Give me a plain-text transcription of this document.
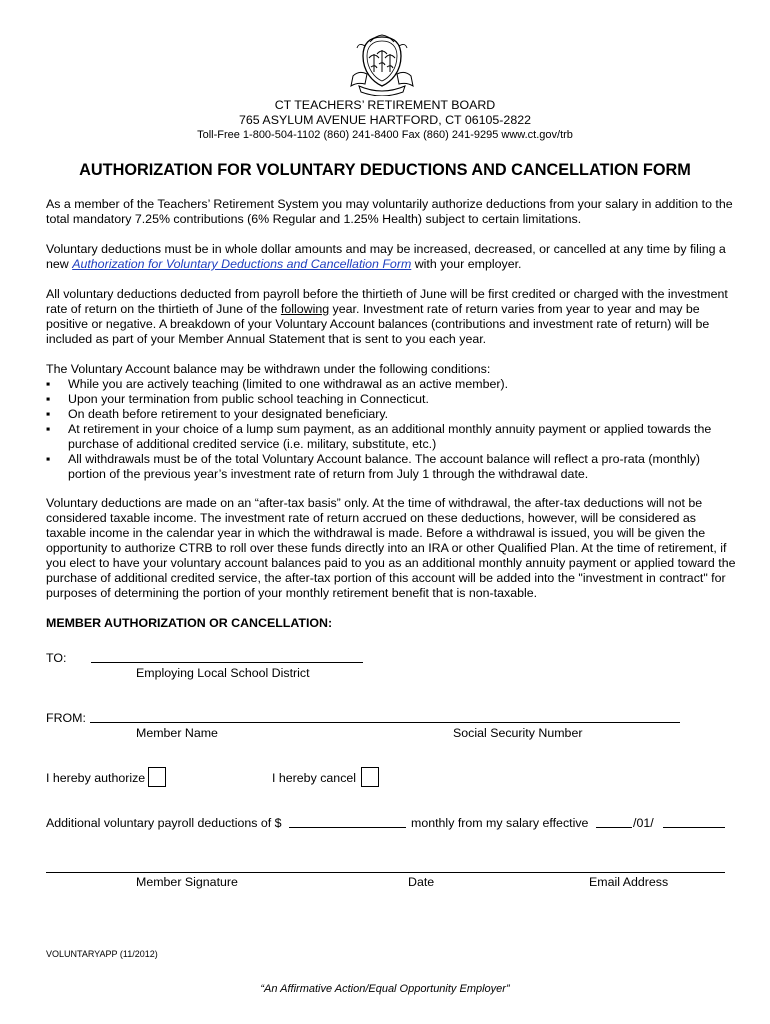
CT TEACHERS’ RETIREMENT BOARD
765 ASYLUM AVENUE HARTFORD, CT 06105-2822
Toll-Free 1-800-504-1102 (860) 241-8400 Fax (860) 241-9295 www.ct.gov/trb
AUTHORIZATION FOR VOLUNTARY DEDUCTIONS AND CANCELLATION FORM
As a member of the Teachers’ Retirement System you may voluntarily authorize deductions from your salary in addition to the total mandatory 7.25% contributions (6% Regular and 1.25% Health) subject to certain limitations.
Voluntary deductions must be in whole dollar amounts and may be increased, decreased, or cancelled at any time by filing a new Authorization for Voluntary Deductions and Cancellation Form with your employer.
All voluntary deductions deducted from payroll before the thirtieth of June will be first credited or charged with the investment rate of return on the thirtieth of June of the following year. Investment rate of return varies from year to year and may be positive or negative. A breakdown of your Voluntary Account balances (contributions and investment rate of return) will be included as part of your Member Annual Statement that is sent to you each year.
The Voluntary Account balance may be withdrawn under the following conditions:
▪	While you are actively teaching (limited to one withdrawal as an active member).
▪	Upon your termination from public school teaching in Connecticut.
▪	On death before retirement to your designated beneficiary.
▪	At retirement in your choice of a lump sum payment, as an additional monthly annuity payment or applied towards the purchase of additional credited service (i.e. military, substitute, etc.)
▪	All withdrawals must be of the total Voluntary Account balance. The account balance will reflect a pro-rata (monthly) portion of the previous year’s investment rate of return from July 1 through the withdrawal date.
Voluntary deductions are made on an “after-tax basis” only. At the time of withdrawal, the after-tax deductions will not be considered taxable income. The investment rate of return accrued on these deductions, however, will be considered as taxable income in the calendar year in which the withdrawal is made. Before a withdrawal is issued, you will be given the opportunity to authorize CTRB to roll over these funds directly into an IRA or other Qualified Plan. At the time of retirement, if you elect to have your voluntary account balances paid to you as an additional monthly annuity payment or applied toward the purchase of additional credited service, the after-tax portion of this account will be added into the "investment in contract" for purposes of determining the portion of your monthly retirement benefit that is non-taxable.
MEMBER AUTHORIZATION OR CANCELLATION:
TO:
Employing Local School District
FROM:
Member Name	Social Security Number
I hereby authorize	I hereby cancel
Additional voluntary payroll deductions of $	monthly from my salary effective	/01/
Member Signature	Date	Email Address
VOLUNTARYAPP (11/2012)
“An Affirmative Action/Equal Opportunity Employer”
